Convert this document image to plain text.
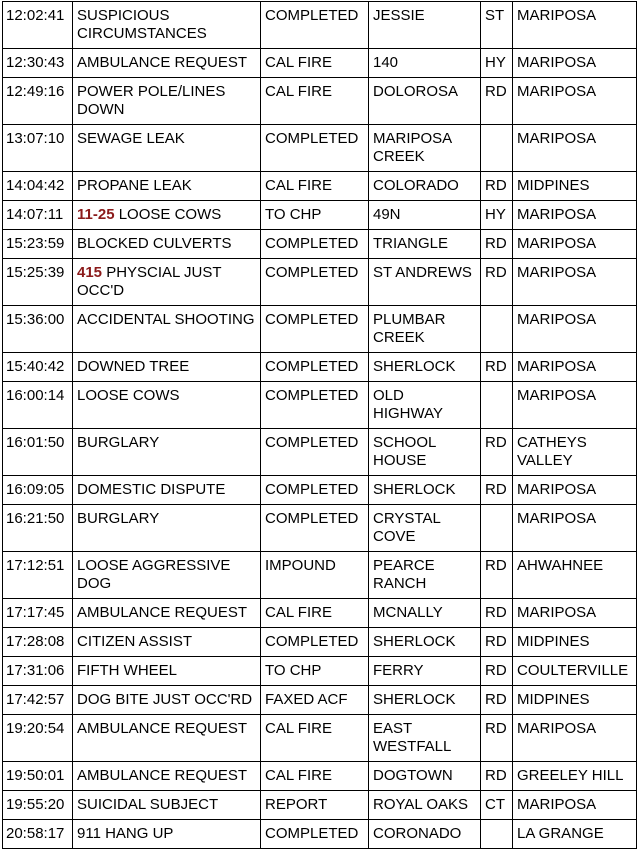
12:02:41	SUSPICIOUS CIRCUMSTANCES	COMPLETED	JESSIE	ST	MARIPOSA
12:30:43	AMBULANCE REQUEST	CAL FIRE	140	HY	MARIPOSA
12:49:16	POWER POLE/LINES DOWN	CAL FIRE	DOLOROSA	RD	MARIPOSA
13:07:10	SEWAGE LEAK	COMPLETED	MARIPOSA CREEK		MARIPOSA
14:04:42	PROPANE LEAK	CAL FIRE	COLORADO	RD	MIDPINES
14:07:11	11-25 LOOSE COWS	TO CHP	49N	HY	MARIPOSA
15:23:59	BLOCKED CULVERTS	COMPLETED	TRIANGLE	RD	MARIPOSA
15:25:39	415 PHYSCIAL JUST OCC'D	COMPLETED	ST ANDREWS	RD	MARIPOSA
15:36:00	ACCIDENTAL SHOOTING	COMPLETED	PLUMBAR CREEK		MARIPOSA
15:40:42	DOWNED TREE	COMPLETED	SHERLOCK	RD	MARIPOSA
16:00:14	LOOSE COWS	COMPLETED	OLD HIGHWAY		MARIPOSA
16:01:50	BURGLARY	COMPLETED	SCHOOL HOUSE	RD	CATHEYS VALLEY
16:09:05	DOMESTIC DISPUTE	COMPLETED	SHERLOCK	RD	MARIPOSA
16:21:50	BURGLARY	COMPLETED	CRYSTAL COVE		MARIPOSA
17:12:51	LOOSE AGGRESSIVE DOG	IMPOUND	PEARCE RANCH	RD	AHWAHNEE
17:17:45	AMBULANCE REQUEST	CAL FIRE	MCNALLY	RD	MARIPOSA
17:28:08	CITIZEN ASSIST	COMPLETED	SHERLOCK	RD	MIDPINES
17:31:06	FIFTH WHEEL	TO CHP	FERRY	RD	COULTERVILLE
17:42:57	DOG BITE JUST OCC'RD	FAXED ACF	SHERLOCK	RD	MIDPINES
19:20:54	AMBULANCE REQUEST	CAL FIRE	EAST WESTFALL	RD	MARIPOSA
19:50:01	AMBULANCE REQUEST	CAL FIRE	DOGTOWN	RD	GREELEY HILL
19:55:20	SUICIDAL SUBJECT	REPORT	ROYAL OAKS	CT	MARIPOSA
20:58:17	911 HANG UP	COMPLETED	CORONADO		LA GRANGE
